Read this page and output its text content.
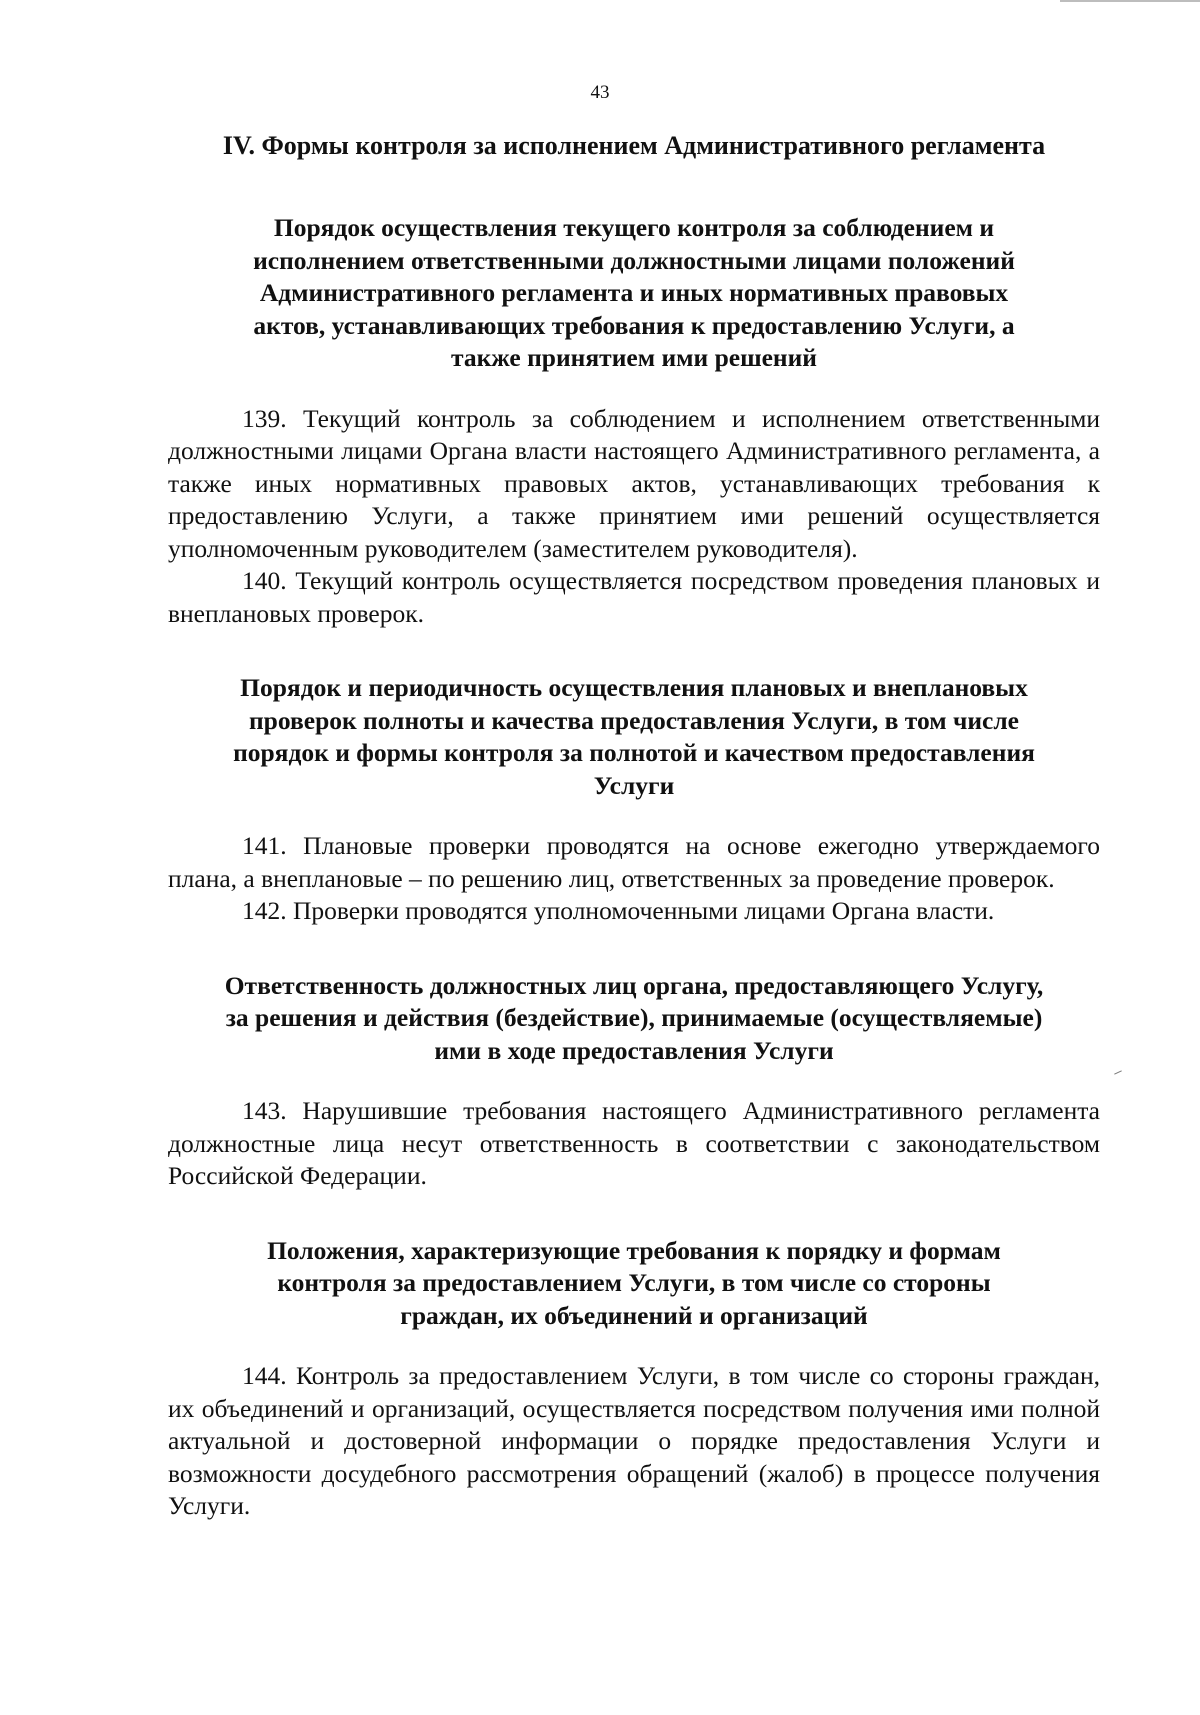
43
IV. Формы контроля за исполнением Административного регламента
Порядок осуществления текущего контроля за соблюдением и
исполнением ответственными должностными лицами положений
Административного регламента и иных нормативных правовых
актов, устанавливающих требования к предоставлению Услуги, а
также принятием ими решений

139. Текущий контроль за соблюдением и исполнением ответственными должностными лицами Органа власти настоящего Административного регламента, а также иных нормативных правовых актов, устанавливающих требования к предоставлению Услуги, а также принятием ими решений осуществляется уполномоченным руководителем (заместителем руководителя).

140. Текущий контроль осуществляется посредством проведения плановых и внеплановых проверок.

Порядок и периодичность осуществления плановых и внеплановых
проверок полноты и качества предоставления Услуги, в том числе
порядок и формы контроля за полнотой и качеством предоставления
Услуги

141. Плановые проверки проводятся на основе ежегодно утверждаемого плана, а внеплановые – по решению лиц, ответственных за проведение проверок.

142. Проверки проводятся уполномоченными лицами Органа власти.

Ответственность должностных лиц органа, предоставляющего Услугу,
за решения и действия (бездействие), принимаемые (осуществляемые)
ими в ходе предоставления Услуги

143. Нарушившие требования настоящего Административного регламента должностные лица несут ответственность в соответствии с законодательством Российской Федерации.

Положения, характеризующие требования к порядку и формам
контроля за предоставлением Услуги, в том числе со стороны
граждан, их объединений и организаций

144. Контроль за предоставлением Услуги, в том числе со стороны граждан, их объединений и организаций, осуществляется посредством получения ими полной актуальной и достоверной информации о порядке предоставления Услуги и возможности досудебного рассмотрения обращений (жалоб) в процессе получения Услуги.
